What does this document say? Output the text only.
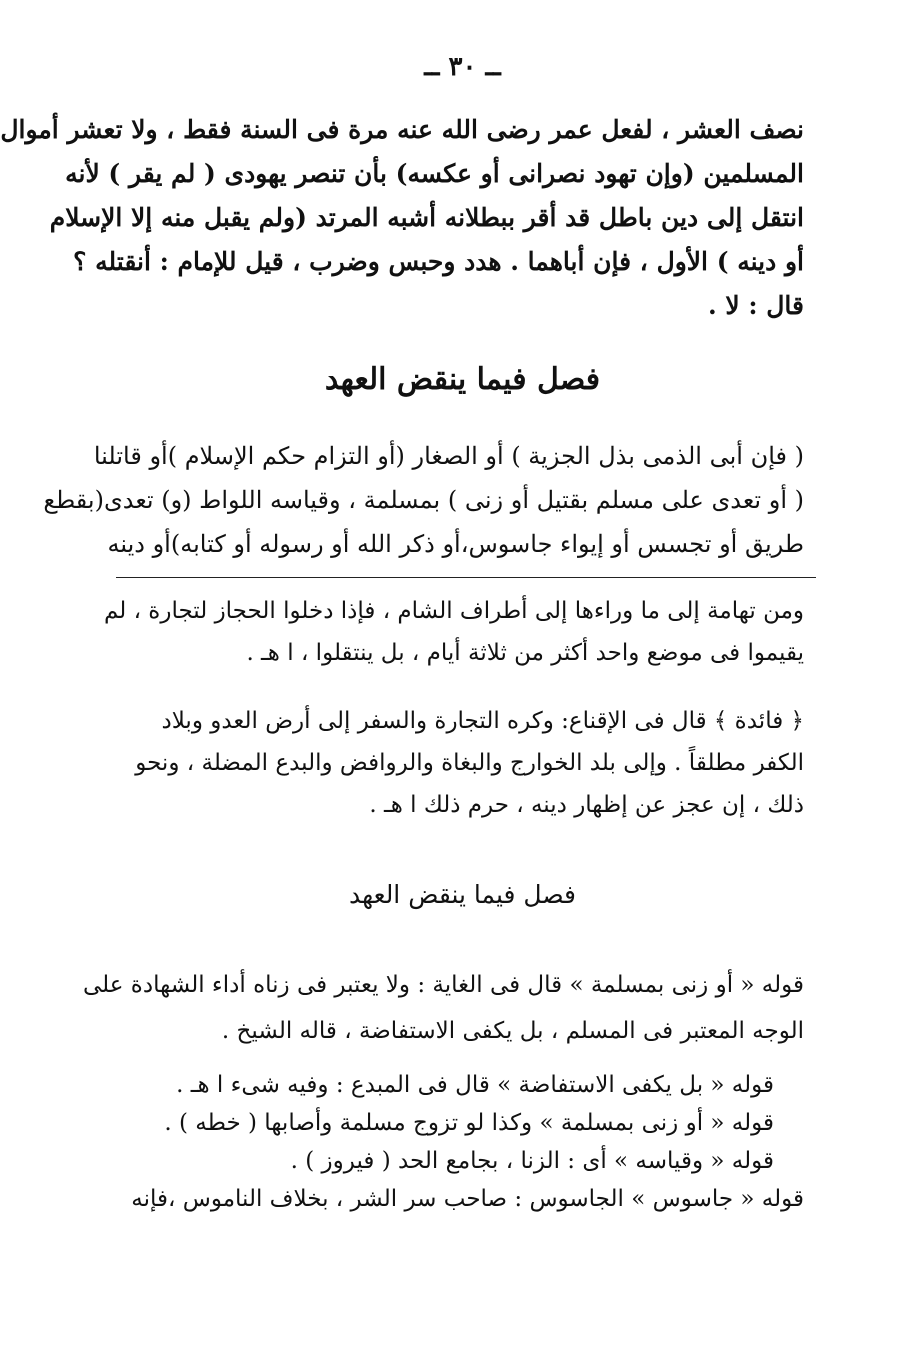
ــ ٣٠ ــ
نصف العشر ، لفعل عمر رضى الله عنه مرة فى السنة فقط ، ولا تعشر أموال
المسلمين (وإن تهود نصرانى أو عكسه) بأن تنصر يهودى ( لم يقر ) لأنه
انتقل إلى دين باطل قد أقر ببطلانه أشبه المرتد (ولم يقبل منه إلا الإسلام
أو دينه ) الأول ، فإن أباهما . هدد وحبس وضرب ، قيل للإمام : أنقتله ؟
قال : لا .
فصل فيما ينقض العهد
( فإن أبى الذمى بذل الجزية ) أو الصغار (أو التزام حكم الإسلام )أو قاتلنا
( أو تعدى على مسلم بقتيل أو زنى ) بمسلمة ، وقياسه اللواط (و) تعدى(بقطع
طريق أو تجسس أو إيواء جاسوس،أو ذكر الله أو رسوله أو كتابه)أو دينه
ومن تهامة إلى ما وراءها إلى أطراف الشام ، فإذا دخلوا الحجاز لتجارة ، لم
يقيموا فى موضع واحد أكثر من ثلاثة أيام ، بل ينتقلوا ، ا هـ .
﴿ فائدة ﴾ قال فى الإقناع: وكره التجارة والسفر إلى أرض العدو وبلاد
الكفر مطلقاً . وإلى بلد الخوارج والبغاة والروافض والبدع المضلة ، ونحو
ذلك ، إن عجز عن إظهار دينه ، حرم ذلك ا هـ .
فصل فيما ينقض العهد
قوله « أو زنى بمسلمة » قال فى الغاية : ولا يعتبر فى زناه أداء الشهادة على
الوجه المعتبر فى المسلم ، بل يكفى الاستفاضة ، قاله الشيخ .
قوله « بل يكفى الاستفاضة » قال فى المبدع : وفيه شىء ا هـ .
قوله « أو زنى بمسلمة » وكذا لو تزوج مسلمة وأصابها ( خطه ) .
قوله « وقياسه » أى : الزنا ، بجامع الحد ( فيروز ) .
قوله « جاسوس » الجاسوس : صاحب سر الشر ، بخلاف الناموس ،فإنه
